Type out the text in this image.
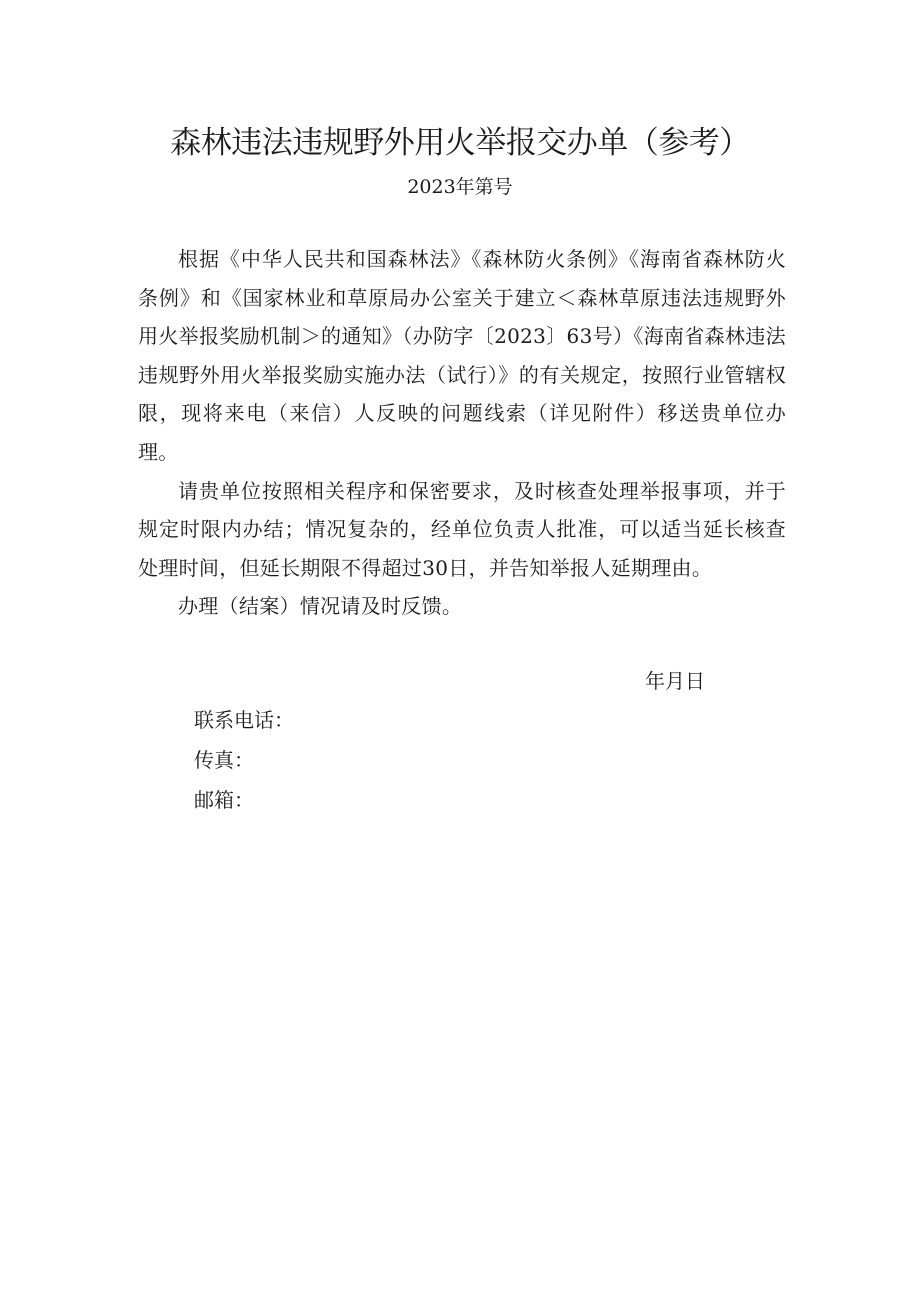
森林违法违规野外用火举报交办单（参考）
2023年第号

根据《中华人民共和国森林法》《森林防火条例》《海南省森林防火条例》和《国家林业和草原局办公室关于建立＜森林草原违法违规野外用火举报奖励机制＞的通知》（办防字〔2023〕63号）《海南省森林违法违规野外用火举报奖励实施办法（试行）》的有关规定，按照行业管辖权限，现将来电（来信）人反映的问题线索（详见附件）移送贵单位办理。

请贵单位按照相关程序和保密要求，及时核查处理举报事项，并于规定时限内办结；情况复杂的，经单位负责人批准，可以适当延长核查处理时间，但延长期限不得超过30日，并告知举报人延期理由。

办理（结案）情况请及时反馈。

年月日
联系电话：
传真：
邮箱：
